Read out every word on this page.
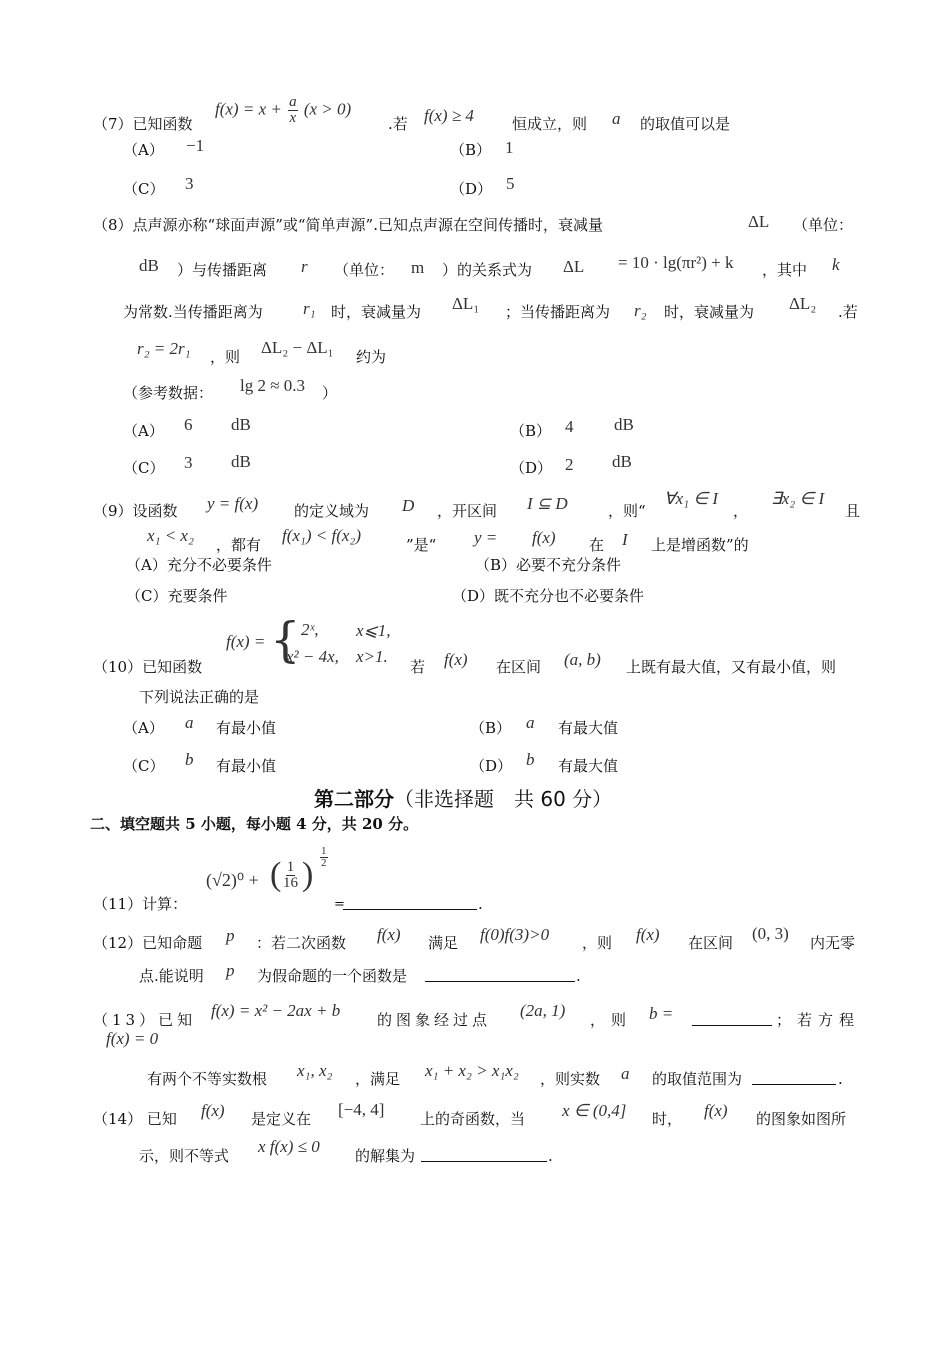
（7）已知函数
$f(x) = x + \frac{a}{x} (x > 0)$
.若 f(x) ≥ 4	恒成立，则 a 的取值可以是
（A） −1	（B） 1
（C） 3	（D） 5
（8）点声源亦称“球面声源”或“简单声源”.已知点声源在空间传播时，衰减量	ΔL （单位：
dB ）与传播距离 r （单位： m ）的关系式为 ΔL = 10 · lg(πr²) + k ，其中 k
为常数.当传播距离为 r₁ 时，衰减量为 ΔL₁ ；当传播距离为 r₂ 时，衰减量为 ΔL₂ .若
r₂ = 2r₁ ，则 ΔL₂ − ΔL₁ 约为
（参考数据： lg 2 ≈ 0.3 ）
（A） 6 dB	（B） 4 dB
（C） 3 dB	（D） 2 dB
（9）设函数 y = f(x) 的定义域为 D ，开区间 I ⊆ D	，则“
∀x₁ ∈ I
，
∃x₂ ∈ I
且
x₁ < x₂ ，都有 f(x₁) < f(x₂)	”是“ y = f(x) 在 I 上是增函数”的
（A）充分不必要条件	（B）必要不充分条件
（C）充要条件	（D）既不充分也不必要条件
（10）已知函数
f(x) = { 2ˣ, x⩽1,
x² − 4x, x>1.
若 f(x) 在区间 (a, b) 上既有最大值，又有最小值，则
下列说法正确的是
（A） a 有最小值	（B） a 有最大值
（C） b 有最小值	（D） b 有最大值
第二部分（非选择题　共 60 分）
二、填空题共 5 小题，每小题 4 分，共 20 分。
（11）计算：
(√2)⁰ + ( $\frac{1}{16}$ ) $\frac{1}{2}$
=	.
（12）已知命题 p ：若二次函数 f(x) 满足 f(0)f(3)>0 ，则 f(x) 在区间 (0, 3) 内无零
点.能说明 p 为假命题的一个函数是	.
（13）已知 f(x) = x² − 2ax + b 的图象经过点 (2a, 1) ，则 b =	；若方程
f(x) = 0
有两个不等实数根 x₁, x₂ ，满足 x₁ + x₂ > x₁x₂ ，则实数 a 的取值范围为	.
（14） 已知 f(x) 是定义在 [−4, 4] 上的奇函数，当 x ∈ (0,4] 时， f(x) 的图象如图所
示，则不等式 x f(x) ≤ 0 的解集为	.
